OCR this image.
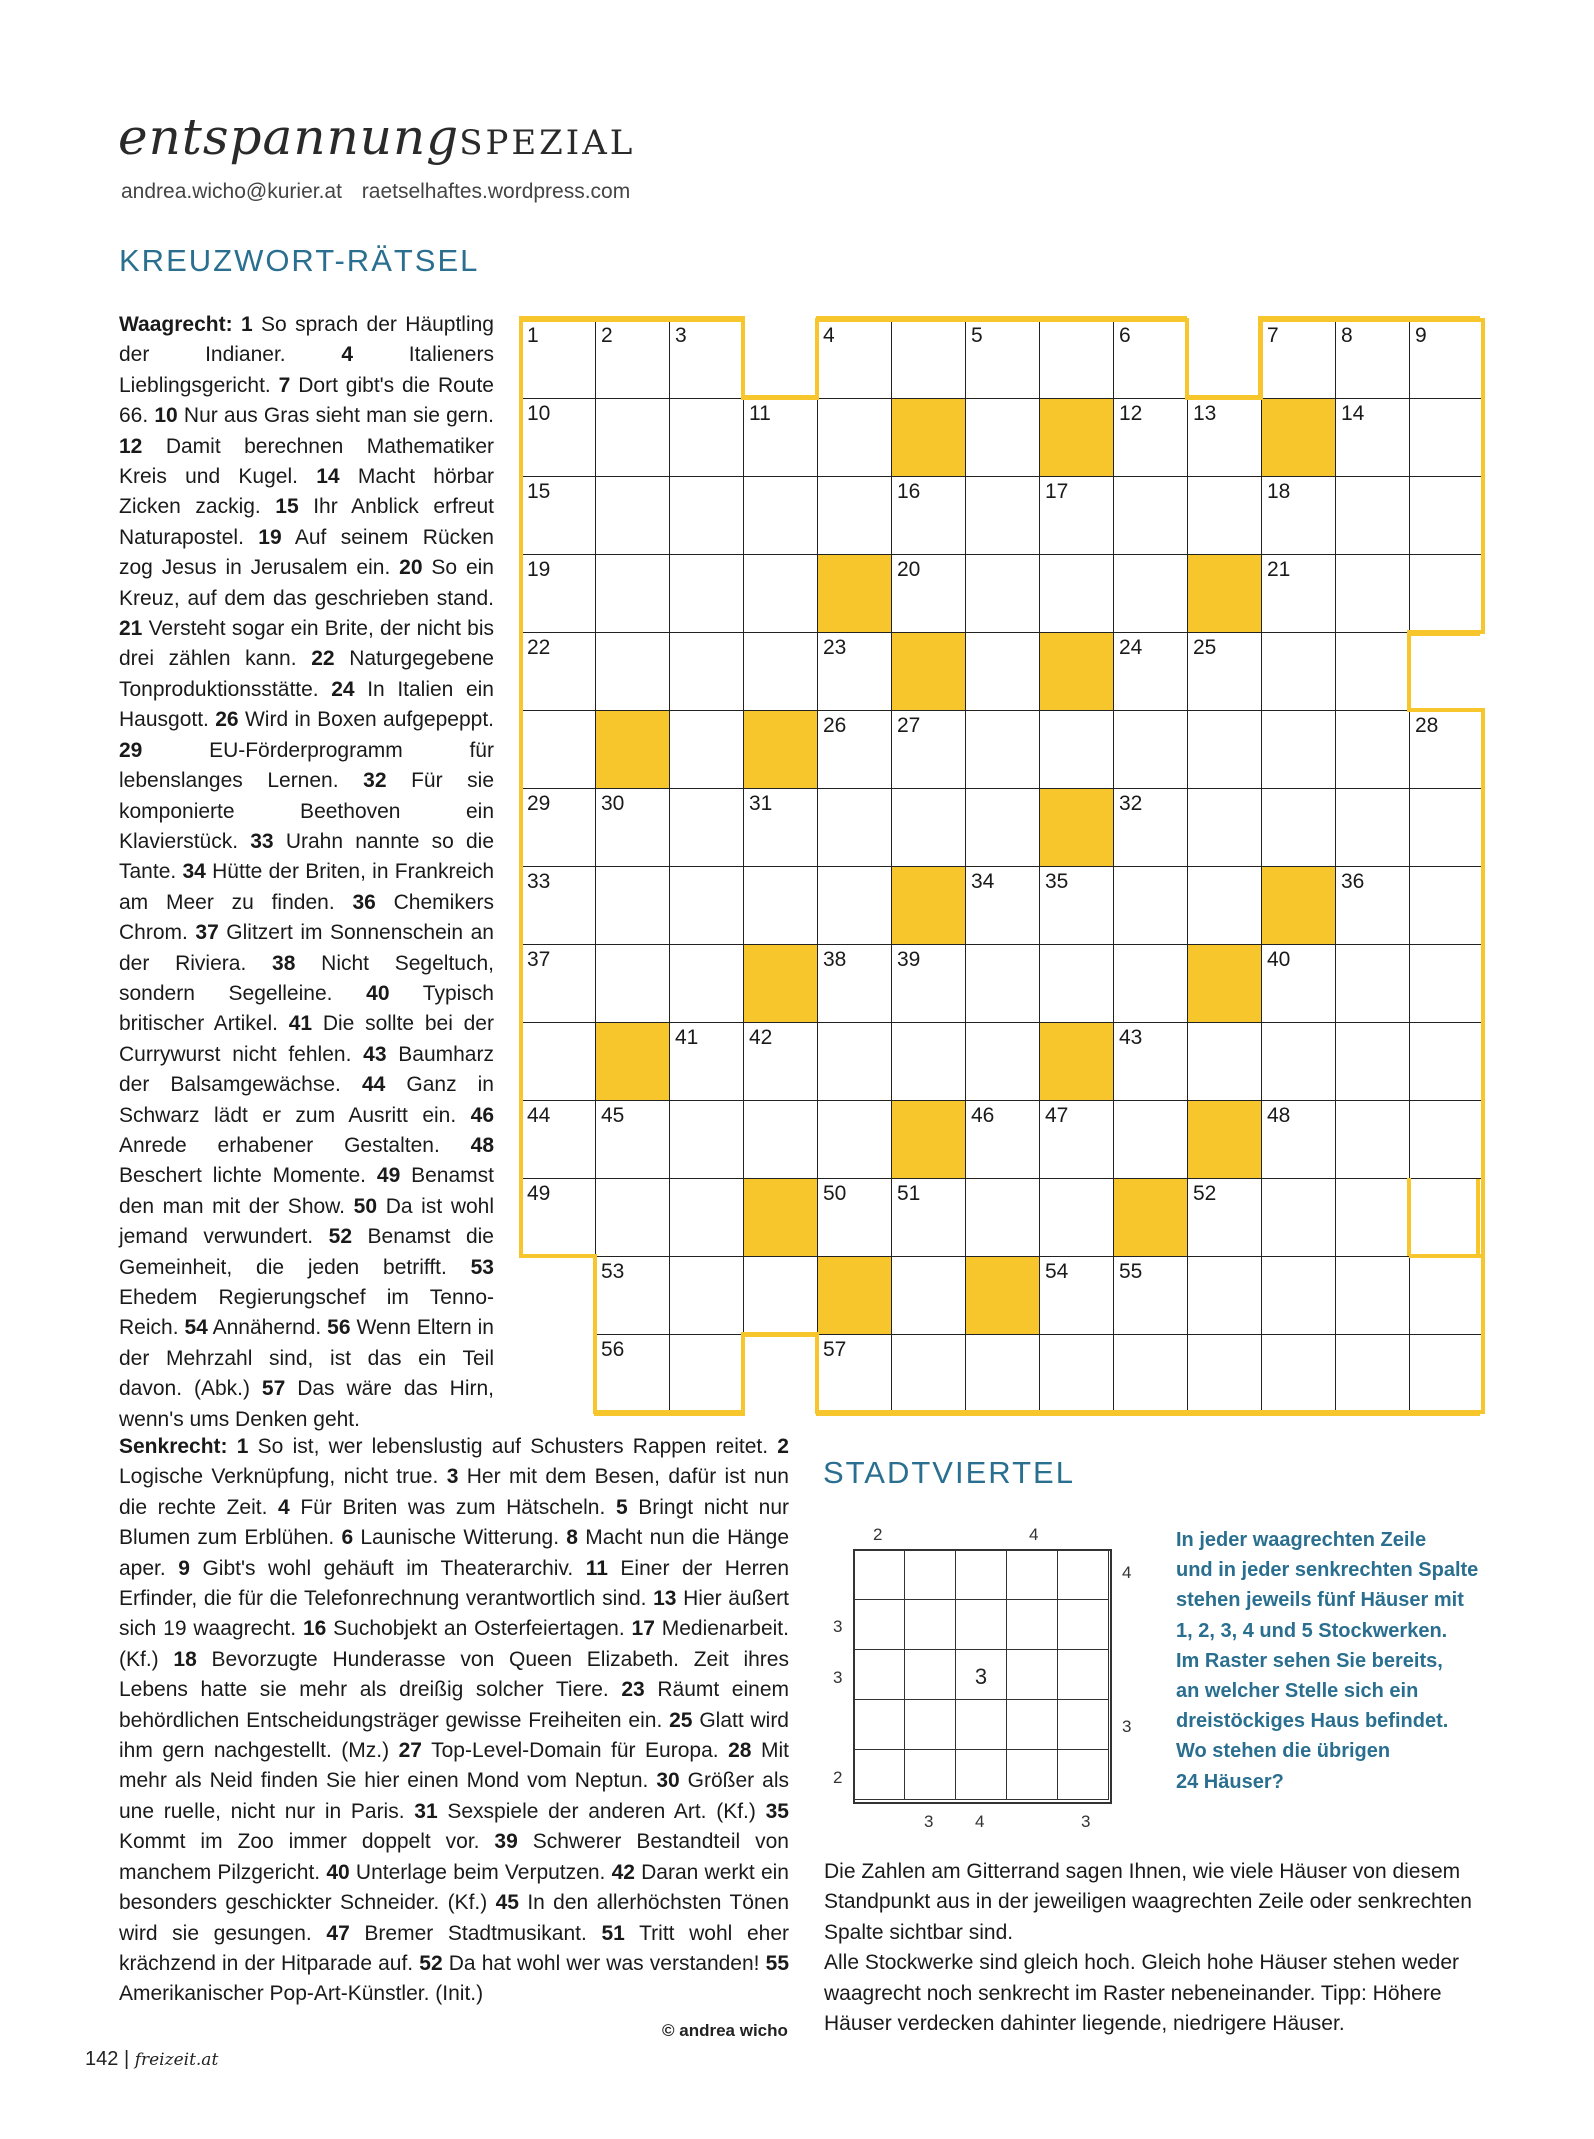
entspannungSPEZIAL
andrea.wicho@kurier.at raetselhaftes.wordpress.com
KREUZWORT-RÄTSEL
Waagrecht: 1 So sprach der Häuptling der Indianer.	4	Italieners Lieblingsgericht. 7 Dort gibt's die Route 66. 10 Nur aus Gras sieht man sie gern. 12 Damit berechnen Mathematiker Kreis und Kugel. 14 Macht hörbar Zicken zackig. 15 Ihr Anblick erfreut Naturapostel. 19 Auf seinem Rücken zog Jesus in Jerusalem ein. 20 So ein Kreuz, auf dem das geschrieben stand. 21 Versteht sogar ein Brite, der nicht bis drei zählen kann. 22 Naturgegebene Tonproduktionsstätte. 24 In Italien ein Hausgott. 26 Wird in Boxen aufgepeppt. 29	EU-Förderprogramm für lebenslanges Lernen. 32 Für sie komponierte Beethoven ein Klavierstück. 33 Urahn nannte so die Tante. 34 Hütte der Briten, in Frankreich am Meer zu finden. 36 Chemikers Chrom. 37 Glitzert im Sonnenschein an der Riviera. 38 Nicht Segeltuch, sondern Segelleine. 40 Typisch britischer Artikel. 41 Die sollte bei der Currywurst nicht fehlen. 43 Baumharz der Balsamgewächse. 44 Ganz in Schwarz lädt er zum Ausritt ein. 46 Anrede erhabener Gestalten. 48 Beschert lichte Momente. 49 Benamst den man mit der Show. 50 Da ist wohl jemand verwundert. 52 Benamst die Gemeinheit, die jeden betrifft. 53 Ehedem Regierungschef im Tenno-Reich. 54 Annähernd. 56 Wenn Eltern in der Mehrzahl sind, ist das ein Teil davon. (Abk.) 57 Das wäre das Hirn, wenn's ums Denken geht.
Senkrecht: 1 So ist, wer lebenslustig auf Schusters Rappen reitet. 2 Logische Verknüpfung, nicht true. 3 Her mit dem Besen, dafür ist nun die rechte Zeit. 4 Für Briten was zum Hätscheln. 5 Bringt nicht nur Blumen zum Erblühen. 6 Launische Witterung. 8 Macht nun die Hänge aper. 9 Gibt's wohl gehäuft im Theaterarchiv. 11 Einer der Herren Erfinder, die für die Telefonrechnung verantwortlich sind. 13 Hier äußert sich 19 waagrecht. 16 Suchobjekt an Osterfeiertagen. 17 Medienarbeit. (Kf.) 18 Bevorzugte Hunderasse von Queen Elizabeth. Zeit ihres Lebens hatte sie mehr als dreißig solcher Tiere. 23 Räumt einem behördlichen Entscheidungsträger gewisse Freiheiten ein. 25 Glatt wird ihm gern nachgestellt. (Mz.) 27 Top-Level-Domain für Europa. 28 Mit mehr als Neid finden Sie hier einen Mond vom Neptun. 30 Größer als une ruelle, nicht nur in Paris. 31 Sexspiele der anderen Art. (Kf.) 35 Kommt im Zoo immer doppelt vor. 39 Schwerer Bestandteil von manchem Pilzgericht. 40 Unterlage beim Verputzen. 42 Daran werkt ein besonders geschickter Schneider. (Kf.) 45 In den allerhöchsten Tönen wird sie gesungen. 47 Bremer Stadtmusikant. 51 Tritt wohl eher krächzend in der Hitparade auf. 52 Da hat wohl wer was verstanden! 55 Amerikanischer Pop-Art-Künstler. (Init.)
© andrea wicho
1	2	3	4	5	6	7	8	9
10	11	12 13	14
15	16	17	18
19	20	21
22	23	24 25
26 27	28
29 30	31	32
33	34 35	36
37	38 39	40
41 42	43
44 45	46 47	48
49	50 51	52
53	54 55
56	57
STADTVIERTEL
3
2	4
4
3
3
3
2
3 4	3

In jeder waagrechten Zeile

und in jeder senkrechten Spalte

stehen jeweils fünf Häuser mit

1, 2, 3, 4 und 5 Stockwerken.

Im Raster sehen Sie bereits,

an welcher Stelle sich ein

dreistöckiges Haus befindet.

Wo stehen die übrigen

24 Häuser?

Die Zahlen am Gitterrand sagen Ihnen, wie viele Häuser von diesem Standpunkt aus in der jeweiligen waagrechten Zeile oder senkrechten Spalte sichtbar sind.

Alle Stockwerke sind gleich hoch. Gleich hohe Häuser stehen weder waagrecht noch senkrecht im Raster nebeneinander. Tipp: Höhere Häuser verdecken dahinter liegende, niedrigere Häuser.

142 | freizeit.at
